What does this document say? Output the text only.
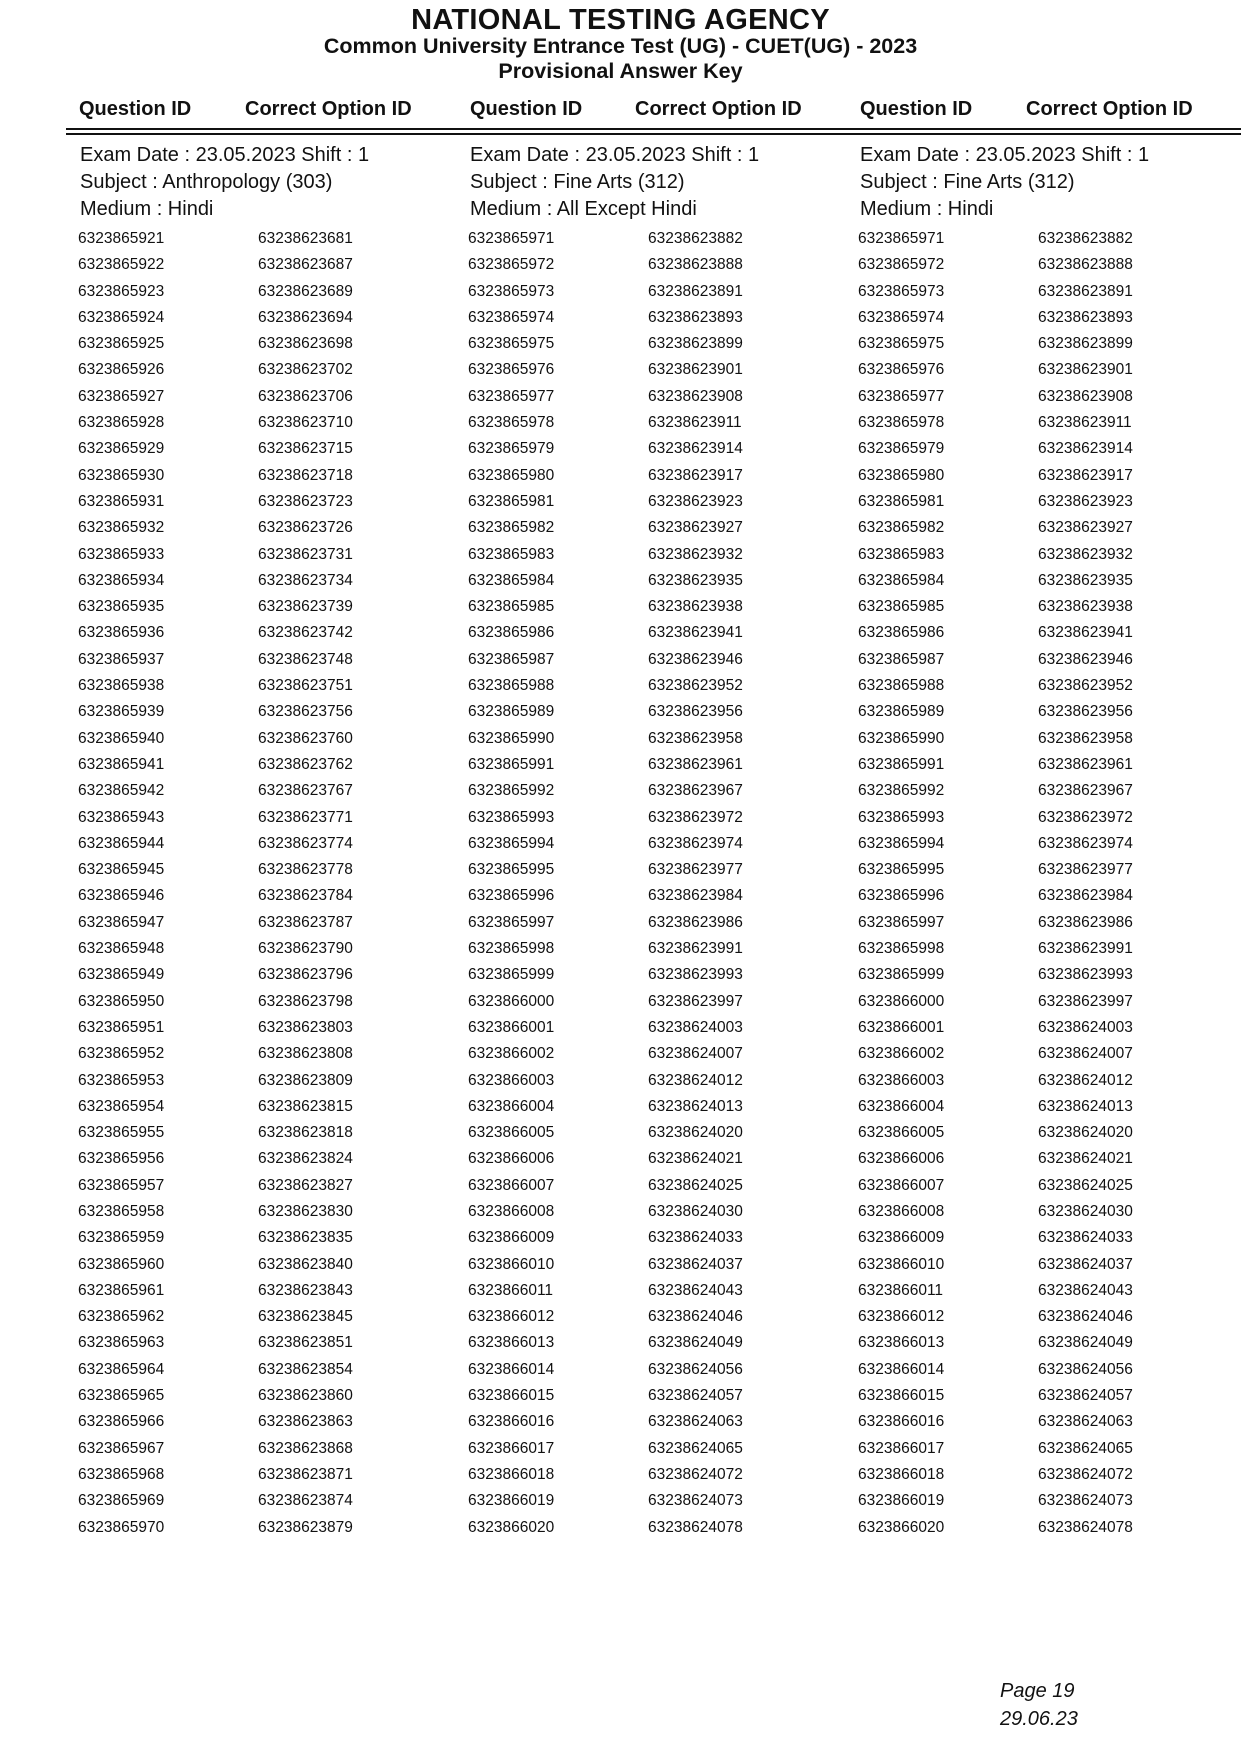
NATIONAL TESTING AGENCY
Common University Entrance Test (UG) - CUET(UG) - 2023
Provisional Answer Key
Question ID	Correct Option ID	Question ID	Correct Option ID	Question ID	Correct Option ID
Exam Date : 23.05.2023 Shift : 1
Subject : Anthropology (303)
Medium : Hindi
6323865921	63238623681
6323865922	63238623687
6323865923	63238623689
6323865924	63238623694
6323865925	63238623698
6323865926	63238623702
6323865927	63238623706
6323865928	63238623710
6323865929	63238623715
6323865930	63238623718
6323865931	63238623723
6323865932	63238623726
6323865933	63238623731
6323865934	63238623734
6323865935	63238623739
6323865936	63238623742
6323865937	63238623748
6323865938	63238623751
6323865939	63238623756
6323865940	63238623760
6323865941	63238623762
6323865942	63238623767
6323865943	63238623771
6323865944	63238623774
6323865945	63238623778
6323865946	63238623784
6323865947	63238623787
6323865948	63238623790
6323865949	63238623796
6323865950	63238623798
6323865951	63238623803
6323865952	63238623808
6323865953	63238623809
6323865954	63238623815
6323865955	63238623818
6323865956	63238623824
6323865957	63238623827
6323865958	63238623830
6323865959	63238623835
6323865960	63238623840
6323865961	63238623843
6323865962	63238623845
6323865963	63238623851
6323865964	63238623854
6323865965	63238623860
6323865966	63238623863
6323865967	63238623868
6323865968	63238623871
6323865969	63238623874
6323865970	63238623879
Exam Date : 23.05.2023 Shift : 1
Subject : Fine Arts (312)
Medium : All Except Hindi
6323865971	63238623882
6323865972	63238623888
6323865973	63238623891
6323865974	63238623893
6323865975	63238623899
6323865976	63238623901
6323865977	63238623908
6323865978	63238623911
6323865979	63238623914
6323865980	63238623917
6323865981	63238623923
6323865982	63238623927
6323865983	63238623932
6323865984	63238623935
6323865985	63238623938
6323865986	63238623941
6323865987	63238623946
6323865988	63238623952
6323865989	63238623956
6323865990	63238623958
6323865991	63238623961
6323865992	63238623967
6323865993	63238623972
6323865994	63238623974
6323865995	63238623977
6323865996	63238623984
6323865997	63238623986
6323865998	63238623991
6323865999	63238623993
6323866000	63238623997
6323866001	63238624003
6323866002	63238624007
6323866003	63238624012
6323866004	63238624013
6323866005	63238624020
6323866006	63238624021
6323866007	63238624025
6323866008	63238624030
6323866009	63238624033
6323866010	63238624037
6323866011	63238624043
6323866012	63238624046
6323866013	63238624049
6323866014	63238624056
6323866015	63238624057
6323866016	63238624063
6323866017	63238624065
6323866018	63238624072
6323866019	63238624073
6323866020	63238624078
Exam Date : 23.05.2023 Shift : 1
Subject : Fine Arts (312)
Medium : Hindi
6323865971	63238623882
6323865972	63238623888
6323865973	63238623891
6323865974	63238623893
6323865975	63238623899
6323865976	63238623901
6323865977	63238623908
6323865978	63238623911
6323865979	63238623914
6323865980	63238623917
6323865981	63238623923
6323865982	63238623927
6323865983	63238623932
6323865984	63238623935
6323865985	63238623938
6323865986	63238623941
6323865987	63238623946
6323865988	63238623952
6323865989	63238623956
6323865990	63238623958
6323865991	63238623961
6323865992	63238623967
6323865993	63238623972
6323865994	63238623974
6323865995	63238623977
6323865996	63238623984
6323865997	63238623986
6323865998	63238623991
6323865999	63238623993
6323866000	63238623997
6323866001	63238624003
6323866002	63238624007
6323866003	63238624012
6323866004	63238624013
6323866005	63238624020
6323866006	63238624021
6323866007	63238624025
6323866008	63238624030
6323866009	63238624033
6323866010	63238624037
6323866011	63238624043
6323866012	63238624046
6323866013	63238624049
6323866014	63238624056
6323866015	63238624057
6323866016	63238624063
6323866017	63238624065
6323866018	63238624072
6323866019	63238624073
6323866020	63238624078
Page 19
29.06.23
